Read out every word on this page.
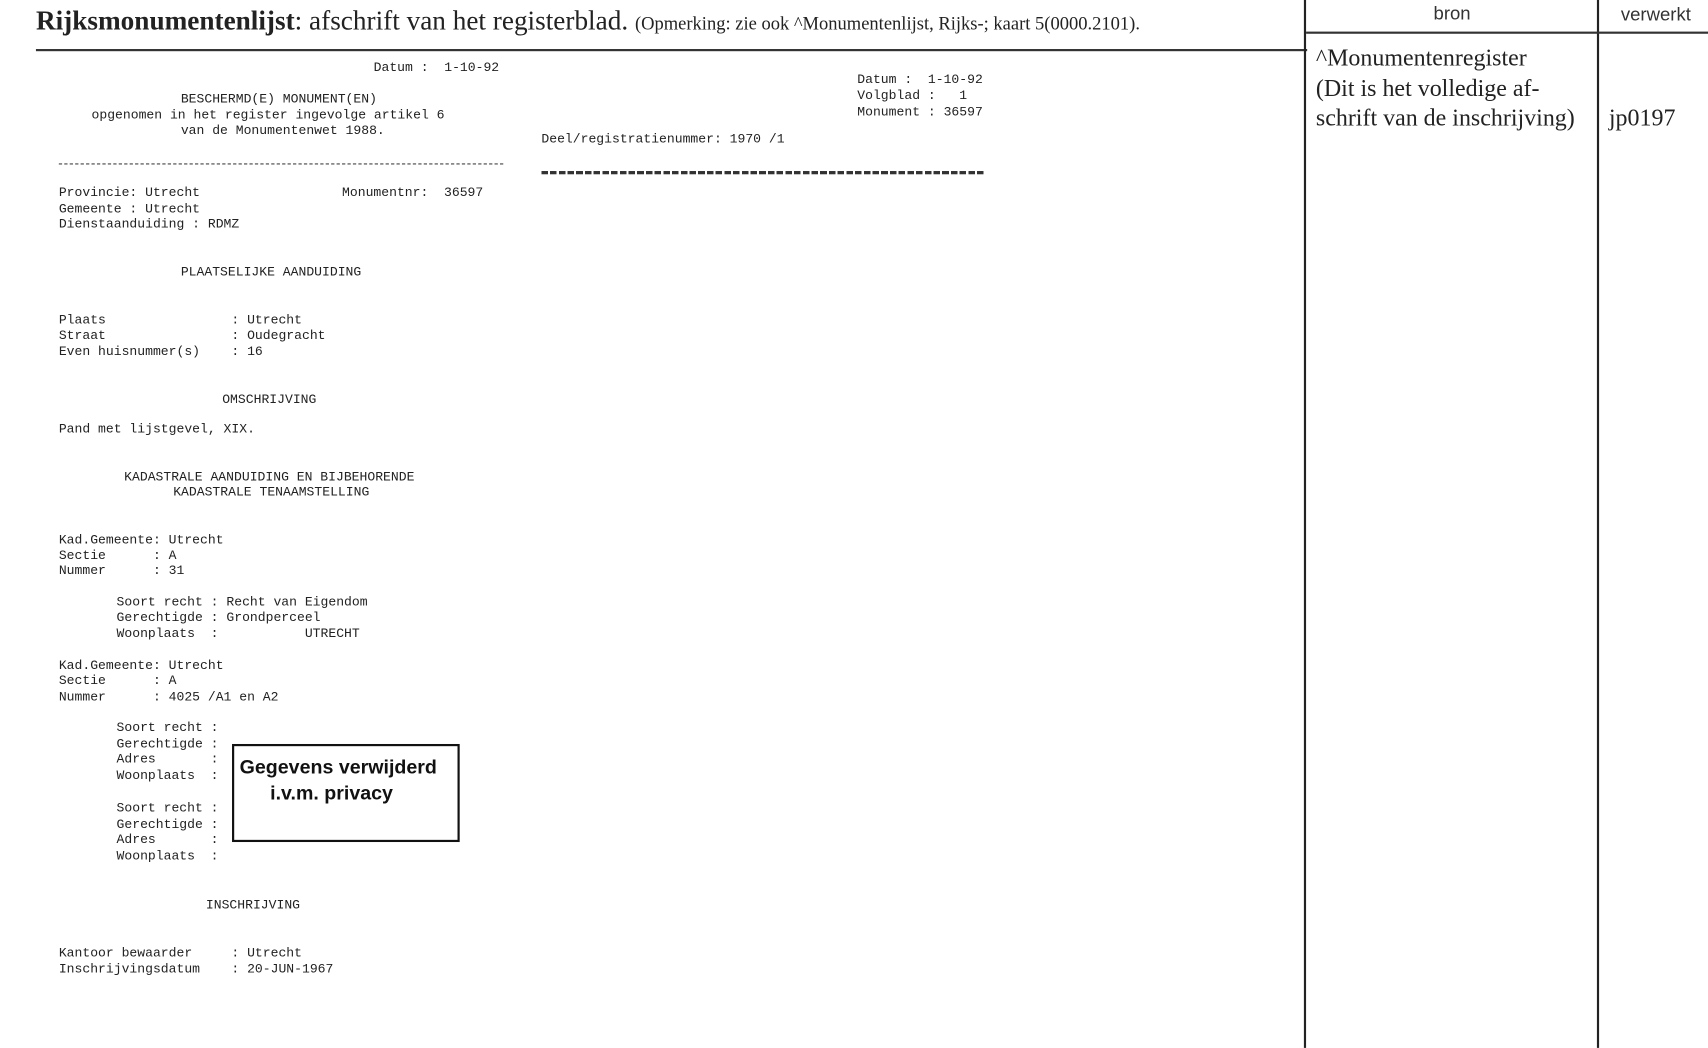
Rijksmonumentenlijst: afschrift van het registerblad. (Opmerking: zie ook ^Monumentenlijst, Rijks-; kaart 5(0000.2101).	bron	verwerkt
^Monumentenregister
(Dit is het volledige af-
schrift van de inschrijving) jp0197
Datum :  1-10-92
BESCHERMD(E) MONUMENT(EN)
opgenomen in het register ingevolge artikel 6
van de Monumentenwet 1988.
Datum :  1-10-92
Volgblad :   1
Monument : 36597
Deel/registratienummer: 1970 /1
Provincie: Utrecht	Monumentnr:  36597
Gemeente : Utrecht
Dienstaanduiding : RDMZ
PLAATSELIJKE AANDUIDING
Plaats                : Utrecht
Straat                : Oudegracht
Even huisnummer(s)    : 16
OMSCHRIJVING
Pand met lijstgevel, XIX.
KADASTRALE AANDUIDING EN BIJBEHORENDE
KADASTRALE TENAAMSTELLING
Kad.Gemeente: Utrecht
Sectie      : A
Nummer      : 31
Soort recht : Recht van Eigendom
Gerechtigde : Grondperceel
Woonplaats  :           UTRECHT
Kad.Gemeente: Utrecht
Sectie      : A
Nummer      : 4025 /A1 en A2
Soort recht :
Gerechtigde :
Adres       :
Woonplaats  :
Soort recht :
Gerechtigde :
Adres       :
Woonplaats  :
Gegevens verwijderd
i.v.m. privacy
INSCHRIJVING
Kantoor bewaarder     : Utrecht
Inschrijvingsdatum    : 20-JUN-1967
